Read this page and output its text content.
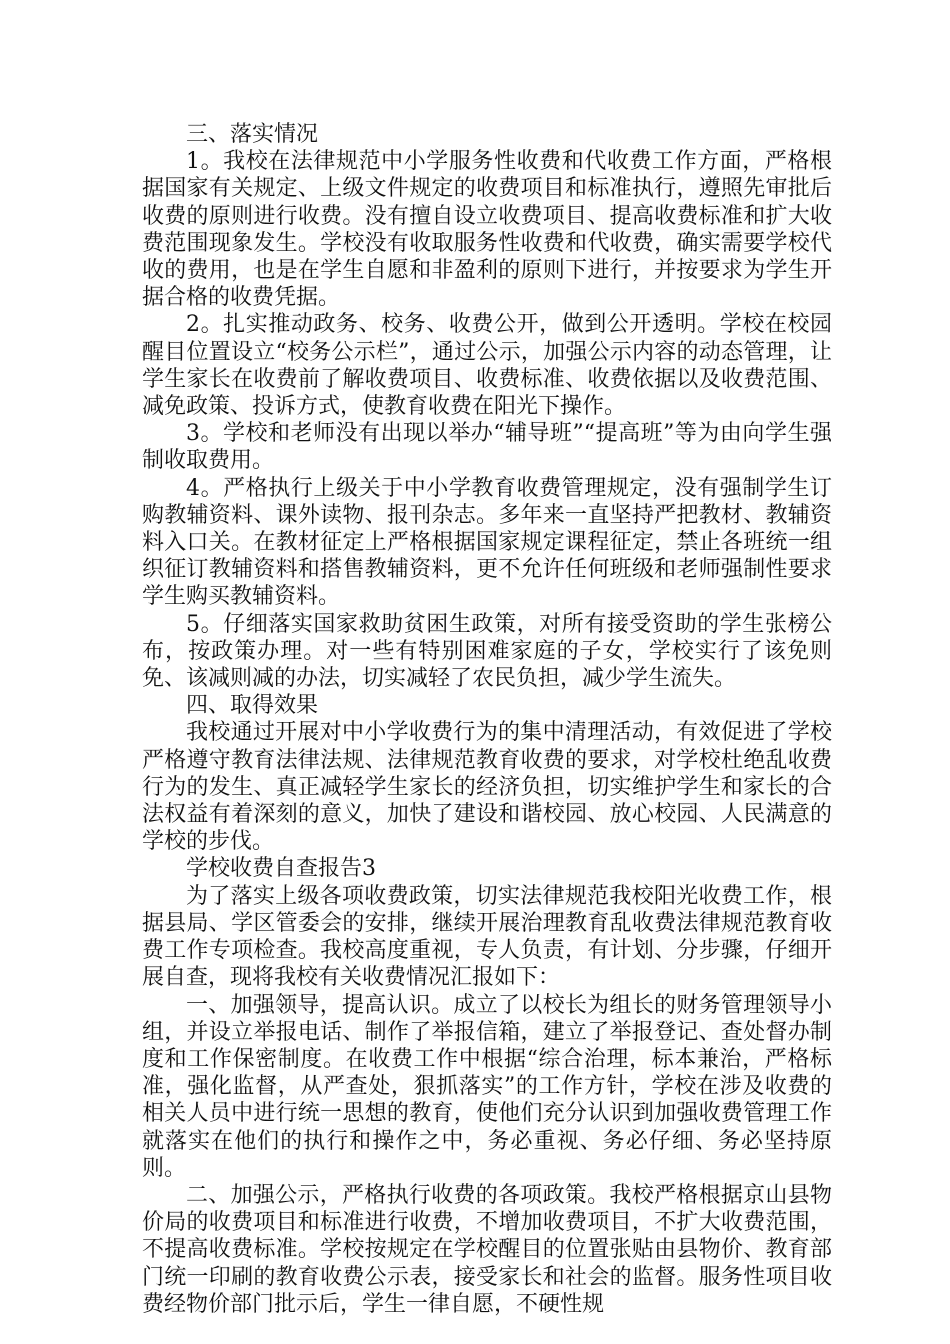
三、落实情况

1。我校在法律规范中小学服务性收费和代收费工作方面，严格根据国家有关规定、上级文件规定的收费项目和标准执行，遵照先审批后收费的原则进行收费。没有擅自设立收费项目、提高收费标准和扩大收费范围现象发生。学校没有收取服务性收费和代收费，确实需要学校代收的费用，也是在学生自愿和非盈利的原则下进行，并按要求为学生开据合格的收费凭据。

2。扎实推动政务、校务、收费公开，做到公开透明。学校在校园醒目位置设立“校务公示栏”，通过公示，加强公示内容的动态管理，让学生家长在收费前了解收费项目、收费标准、收费依据以及收费范围、减免政策、投诉方式，使教育收费在阳光下操作。

3。学校和老师没有出现以举办“辅导班”“提高班”等为由向学生强制收取费用。

4。严格执行上级关于中小学教育收费管理规定，没有强制学生订购教辅资料、课外读物、报刊杂志。多年来一直坚持严把教材、教辅资料入口关。在教材征定上严格根据国家规定课程征定，禁止各班统一组织征订教辅资料和搭售教辅资料，更不允许任何班级和老师强制性要求学生购买教辅资料。

5。仔细落实国家救助贫困生政策，对所有接受资助的学生张榜公布，按政策办理。对一些有特别困难家庭的子女，学校实行了该免则免、该减则减的办法，切实减轻了农民负担，减少学生流失。

四、取得效果

我校通过开展对中小学收费行为的集中清理活动，有效促进了学校严格遵守教育法律法规、法律规范教育收费的要求，对学校杜绝乱收费行为的发生、真正减轻学生家长的经济负担，切实维护学生和家长的合法权益有着深刻的意义，加快了建设和谐校园、放心校园、人民满意的学校的步伐。

学校收费自查报告3

为了落实上级各项收费政策，切实法律规范我校阳光收费工作，根据县局、学区管委会的安排，继续开展治理教育乱收费法律规范教育收费工作专项检查。我校高度重视，专人负责，有计划、分步骤，仔细开展自查，现将我校有关收费情况汇报如下：

一、加强领导，提高认识。成立了以校长为组长的财务管理领导小组，并设立举报电话、制作了举报信箱，建立了举报登记、查处督办制度和工作保密制度。在收费工作中根据“综合治理，标本兼治，严格标准，强化监督，从严查处，狠抓落实”的工作方针，学校在涉及收费的相关人员中进行统一思想的教育，使他们充分认识到加强收费管理工作就落实在他们的执行和操作之中，务必重视、务必仔细、务必坚持原则。

二、加强公示，严格执行收费的各项政策。我校严格根据京山县物价局的收费项目和标准进行收费，不增加收费项目，不扩大收费范围，不提高收费标准。学校按规定在学校醒目的位置张贴由县物价、教育部门统一印刷的教育收费公示表，接受家长和社会的监督。服务性项目收费经物价部门批示后，学生一律自愿，不硬性规
